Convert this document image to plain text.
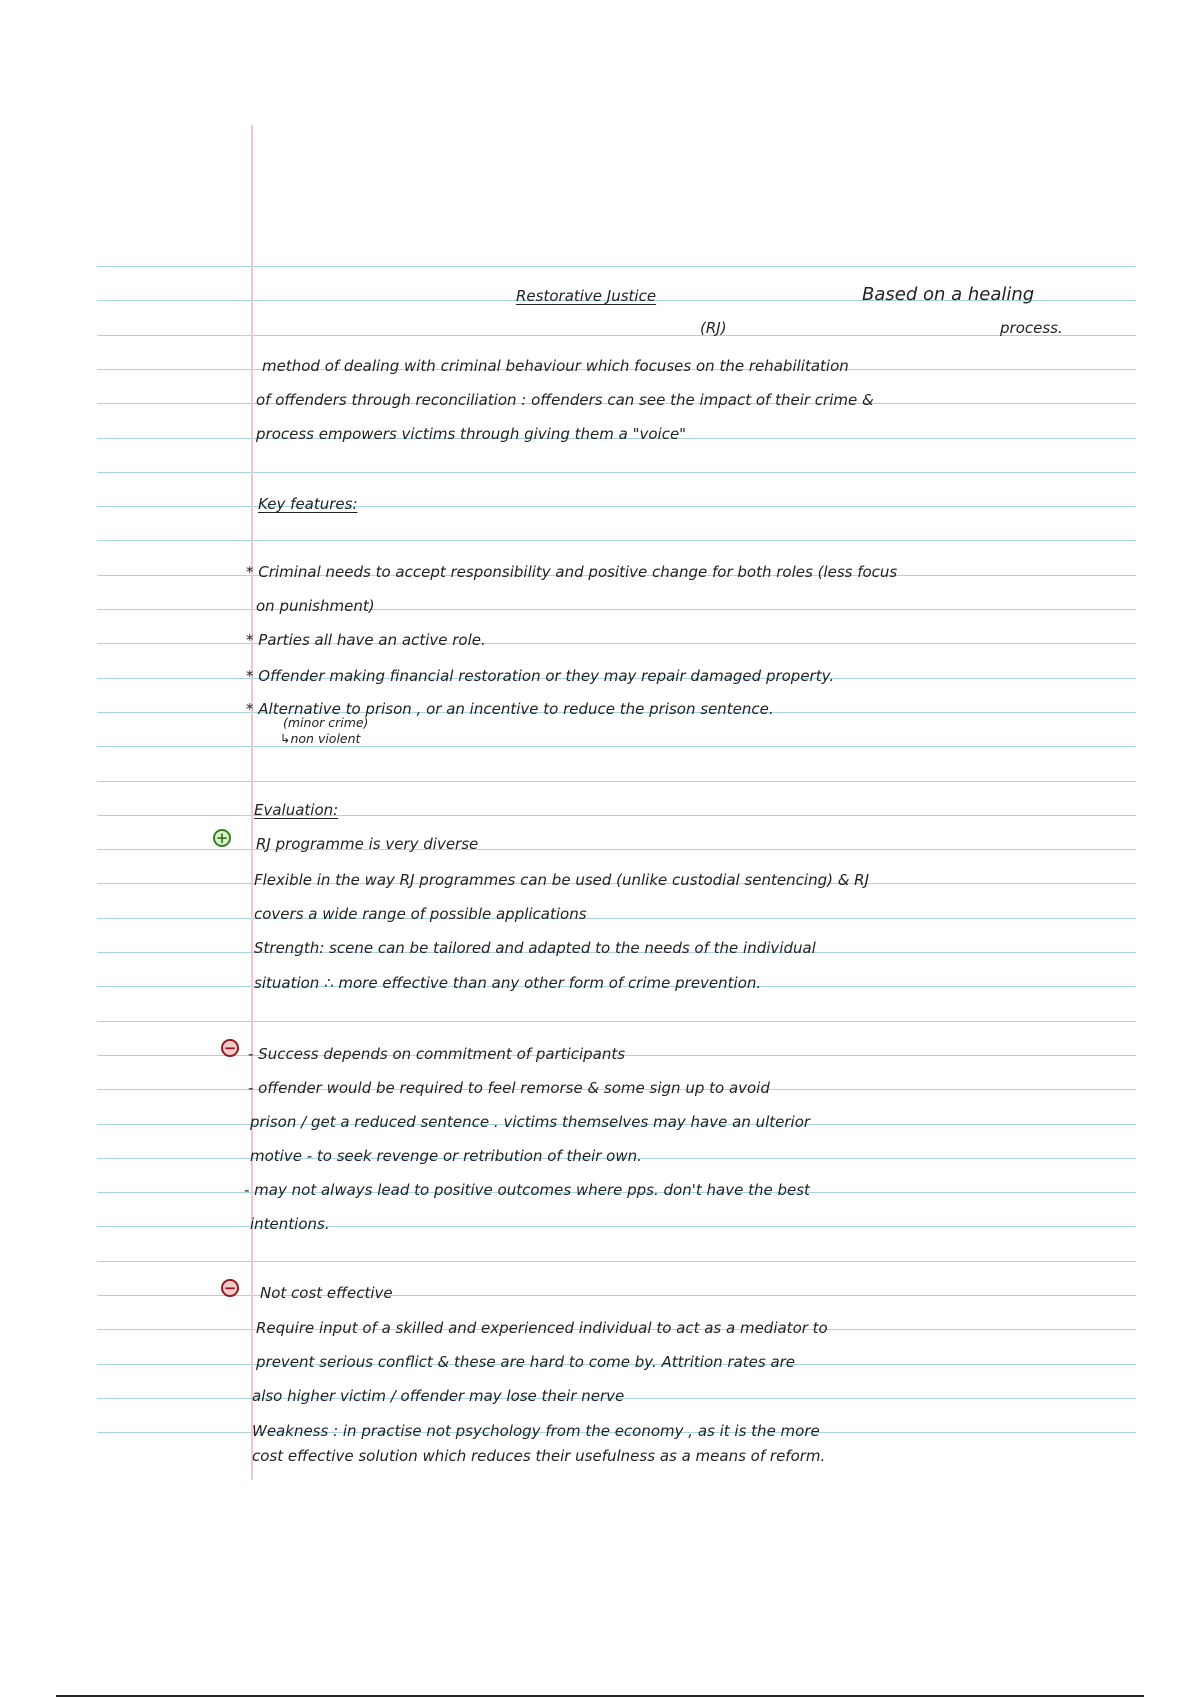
Restorative Justice
(RJ)
Based on a healing
process.
method of dealing with criminal behaviour which focuses on the rehabilitation
of offenders through reconciliation : offenders can see the impact of their crime &
process empowers victims through giving them a "voice"
Key features:
* Criminal needs to accept responsibility and positive change for both roles (less focus
on punishment)
* Parties all have an active role.
* Offender making financial restoration or they may repair damaged property.
* Alternative to prison , or an incentive to reduce the prison sentence.
(minor crime)
↳non violent
Evaluation:
+ RJ programme is very diverse
Flexible in the way RJ programmes can be used (unlike custodial sentencing) & RJ
covers a wide range of possible applications
Strength: scene can be tailored and adapted to the needs of the individual
situation ∴ more effective than any other form of crime prevention.
− - Success depends on commitment of participants
- offender would be required to feel remorse & some sign up to avoid
prison / get a reduced sentence . victims themselves may have an ulterior
motive - to seek revenge or retribution of their own.
- may not always lead to positive outcomes where pps. don't have the best
intentions.
− Not cost effective
Require input of a skilled and experienced individual to act as a mediator to
prevent serious conflict & these are hard to come by. Attrition rates are
also higher victim / offender may lose their nerve
Weakness : in practise not psychology from the economy , as it is the more
cost effective solution which reduces their usefulness as a means of reform.
